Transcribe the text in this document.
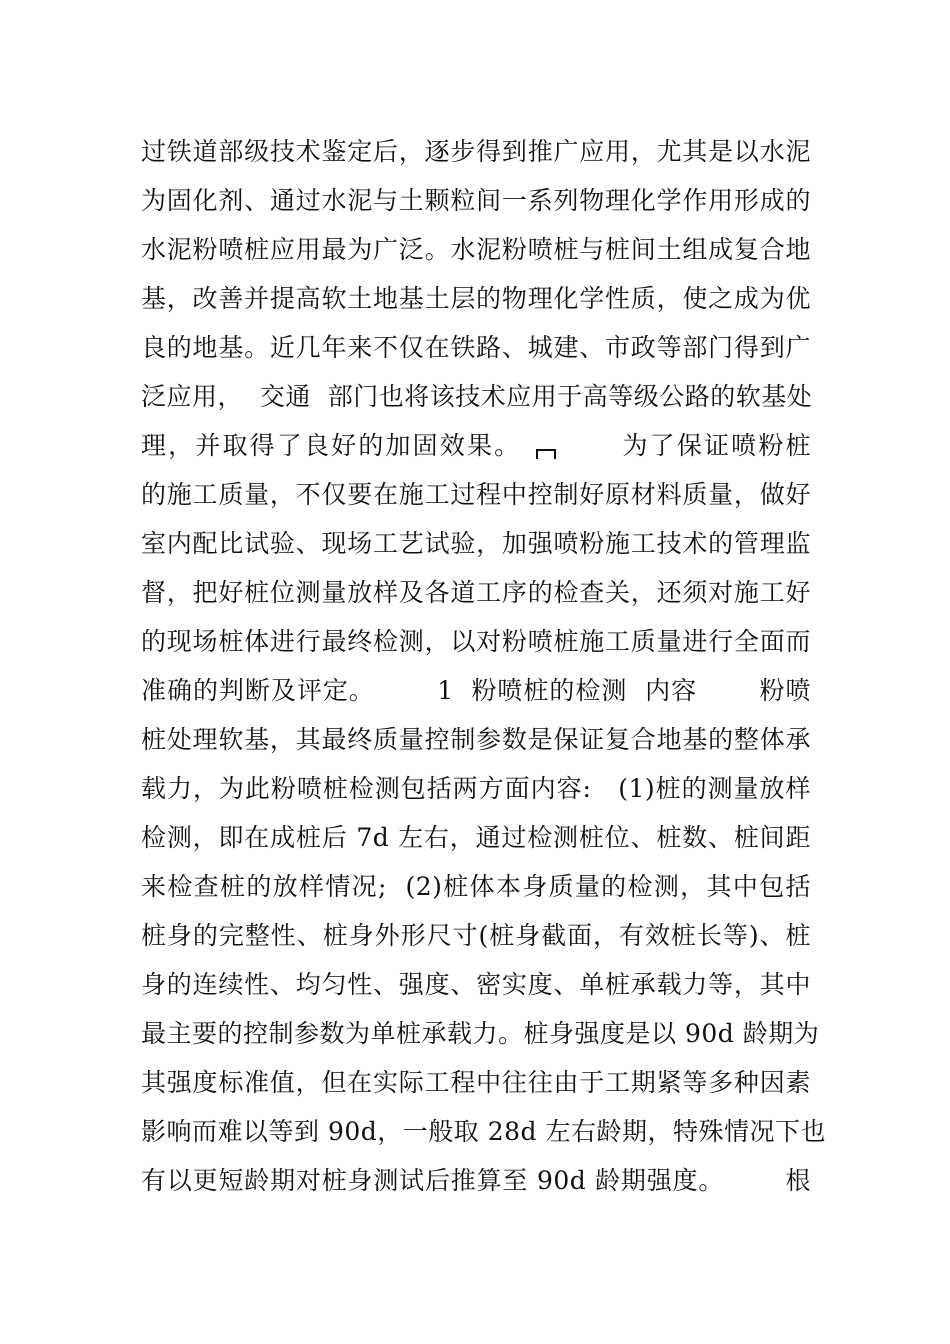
过铁道部级技术鉴定后，逐步得到推广应用，尤其是以水泥
为固化剂、通过水泥与土颗粒间一系列物理化学作用形成的
水泥粉喷桩应用最为广泛。水泥粉喷桩与桩间土组成复合地
基，改善并提高软土地基土层的物理化学性质，使之成为优
良的地基。近几年来不仅在铁路、城建、市政等部门得到广
泛应用，  交通  部门也将该技术应用于高等级公路的软基处
理，并取得了良好的加固效果。          为了保证喷粉桩
的施工质量，不仅要在施工过程中控制好原材料质量，做好
室内配比试验、现场工艺试验，加强喷粉施工技术的管理监
督，把好桩位测量放样及各道工序的检查关，还须对施工好
的现场桩体进行最终检测，以对粉喷桩施工质量进行全面而
准确的判断及评定。       1  粉喷桩的检测  内容       粉喷
桩处理软基，其最终质量控制参数是保证复合地基的整体承
载力，为此粉喷桩检测包括两方面内容:   (1)桩的测量放样
检测，即在成桩后 7d 左右，通过检测桩位、桩数、桩间距
来检查桩的放样情况;  (2)桩体本身质量的检测，其中包括
桩身的完整性、桩身外形尺寸(桩身截面，有效桩长等)、桩
身的连续性、均匀性、强度、密实度、单桩承载力等，其中
最主要的控制参数为单桩承载力。桩身强度是以 90d 龄期为
其强度标准值，但在实际工程中往往由于工期紧等多种因素
影响而难以等到 90d，一般取 28d 左右龄期，特殊情况下也
有以更短龄期对桩身测试后推算至 90d 龄期强度。       根
